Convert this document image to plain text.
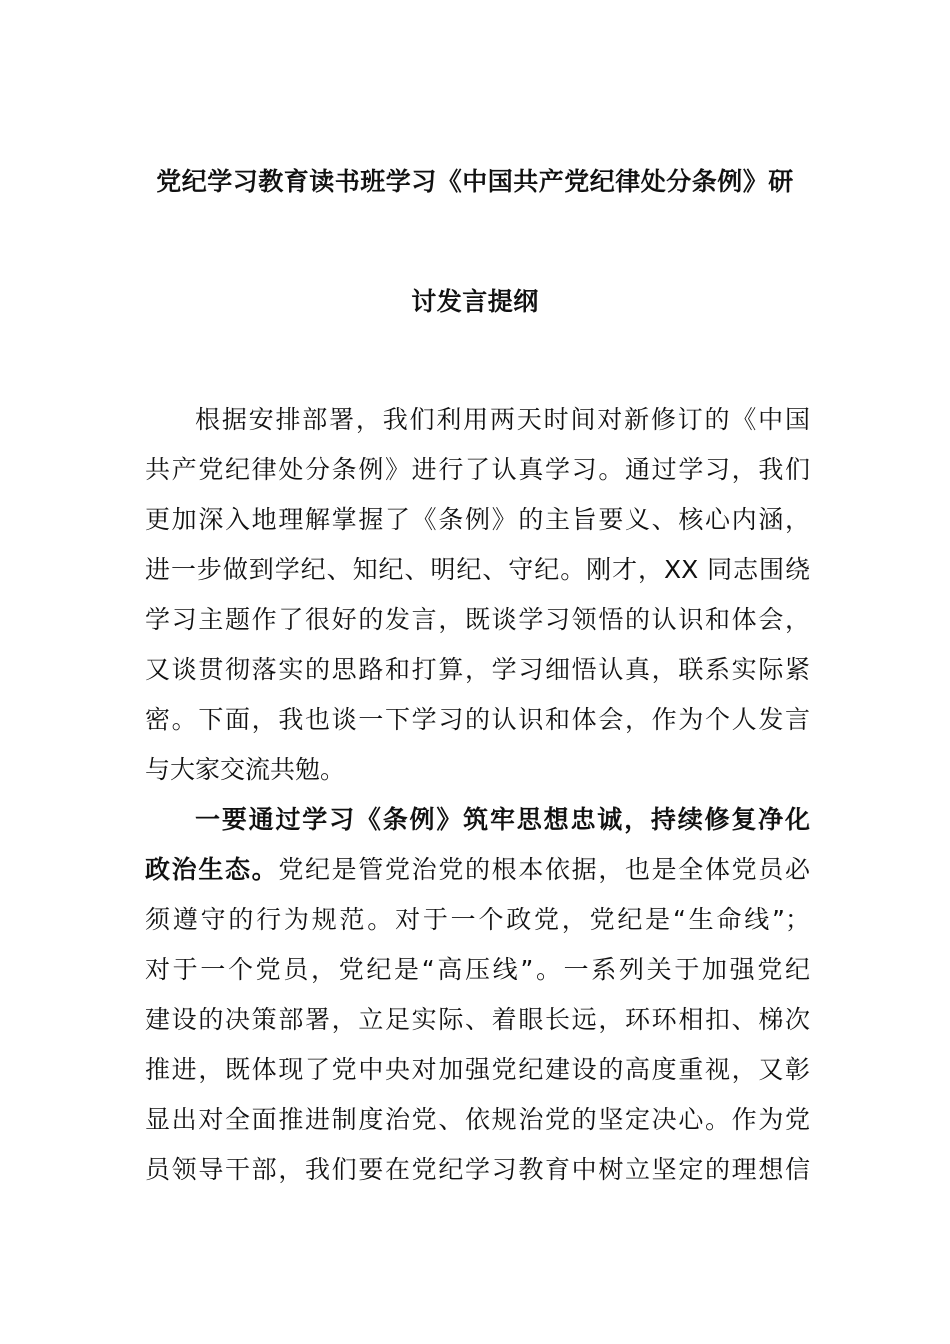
党纪学习教育读书班学习《中国共产党纪律处分条例》研
讨发言提纲
根据安排部署，我们利用两天时间对新修订的《中国
共产党纪律处分条例》进行了认真学习。通过学习，我们
更加深入地理解掌握了《条例》的主旨要义、核心内涵，
进一步做到学纪、知纪、明纪、守纪。刚才，XX 同志围绕
学习主题作了很好的发言，既谈学习领悟的认识和体会，
又谈贯彻落实的思路和打算，学习细悟认真，联系实际紧
密。下面，我也谈一下学习的认识和体会，作为个人发言
与大家交流共勉。
一要通过学习《条例》筑牢思想忠诚，持续修复净化
政治生态。党纪是管党治党的根本依据，也是全体党员必
须遵守的行为规范。对于一个政党，党纪是“生命线”；
对于一个党员，党纪是“高压线”。一系列关于加强党纪
建设的决策部署，立足实际、着眼长远，环环相扣、梯次
推进，既体现了党中央对加强党纪建设的高度重视，又彰
显出对全面推进制度治党、依规治党的坚定决心。作为党
员领导干部，我们要在党纪学习教育中树立坚定的理想信
